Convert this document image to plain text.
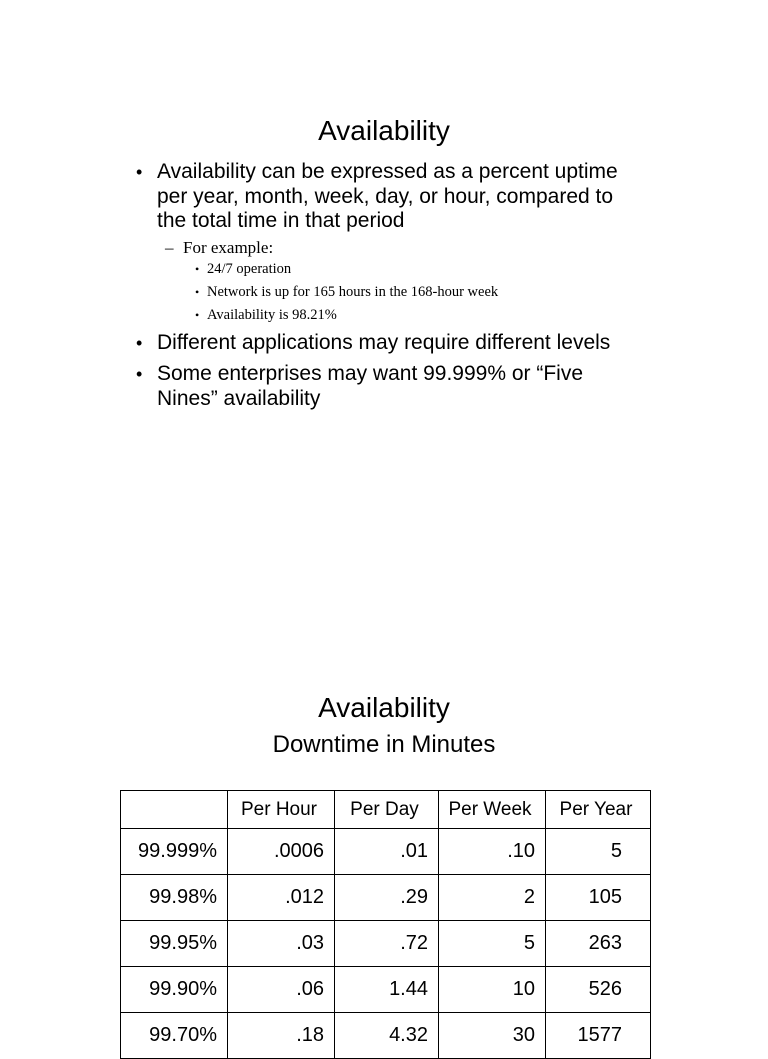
Availability
• Availability can be expressed as a percent uptime per year, month, week, day, or hour, compared to the total time in that period
– For example:
• 24/7 operation
• Network is up for 165 hours in the 168-hour week
• Availability is 98.21%
• Different applications may require different levels
• Some enterprises may want 99.999% or “Five Nines” availability
Availability
Downtime in Minutes
	Per Hour	Per Day	Per Week	Per Year
99.999%	.0006	.01	.10	5
99.98%	.012	.29	2	105
99.95%	.03	.72	5	263
99.90%	.06	1.44	10	526
99.70%	.18	4.32	30	1577
